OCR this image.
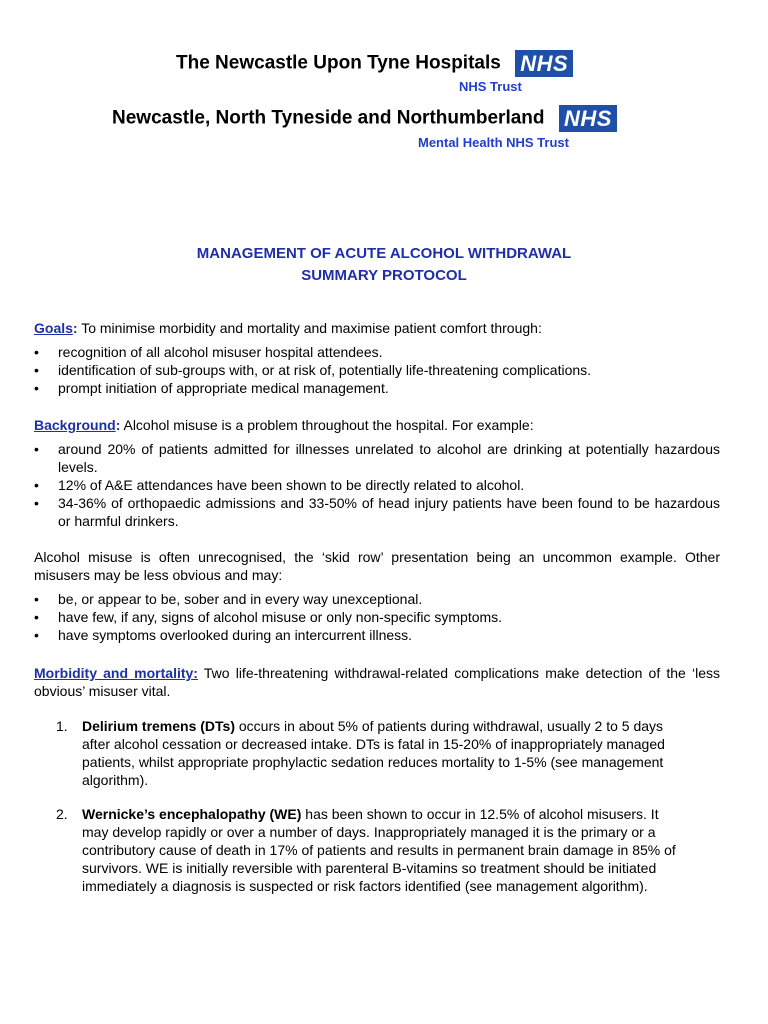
The Newcastle Upon Tyne Hospitals NHS
NHS Trust
Newcastle, North Tyneside and Northumberland NHS
Mental Health NHS Trust
MANAGEMENT OF ACUTE ALCOHOL WITHDRAWAL
SUMMARY PROTOCOL

Goals: To minimise morbidity and mortality and maximise patient comfort through:

• recognition of all alcohol misuser hospital attendees.
• identification of sub-groups with, or at risk of, potentially life-threatening complications.
• prompt initiation of appropriate medical management.

Background: Alcohol misuse is a problem throughout the hospital. For example:

• around 20% of patients admitted for illnesses unrelated to alcohol are drinking at potentially hazardous levels.
• 12% of A&E attendances have been shown to be directly related to alcohol.
• 34-36% of orthopaedic admissions and 33-50% of head injury patients have been found to be hazardous or harmful drinkers.

Alcohol misuse is often unrecognised, the ‘skid row’ presentation being an uncommon example. Other misusers may be less obvious and may:

• be, or appear to be, sober and in every way unexceptional.
• have few, if any, signs of alcohol misuse or only non-specific symptoms.
• have symptoms overlooked during an intercurrent illness.

Morbidity and mortality: Two life-threatening withdrawal-related complications make detection of the ‘less obvious’ misuser vital.

1. Delirium tremens (DTs) occurs in about 5% of patients during withdrawal, usually 2 to 5 days after alcohol cessation or decreased intake. DTs is fatal in 15-20% of inappropriately managed patients, whilst appropriate prophylactic sedation reduces mortality to 1-5% (see management algorithm).
2. Wernicke’s encephalopathy (WE) has been shown to occur in 12.5% of alcohol misusers. It may develop rapidly or over a number of days. Inappropriately managed it is the primary or a contributory cause of death in 17% of patients and results in permanent brain damage in 85% of survivors. WE is initially reversible with parenteral B-vitamins so treatment should be initiated immediately a diagnosis is suspected or risk factors identified (see management algorithm).
